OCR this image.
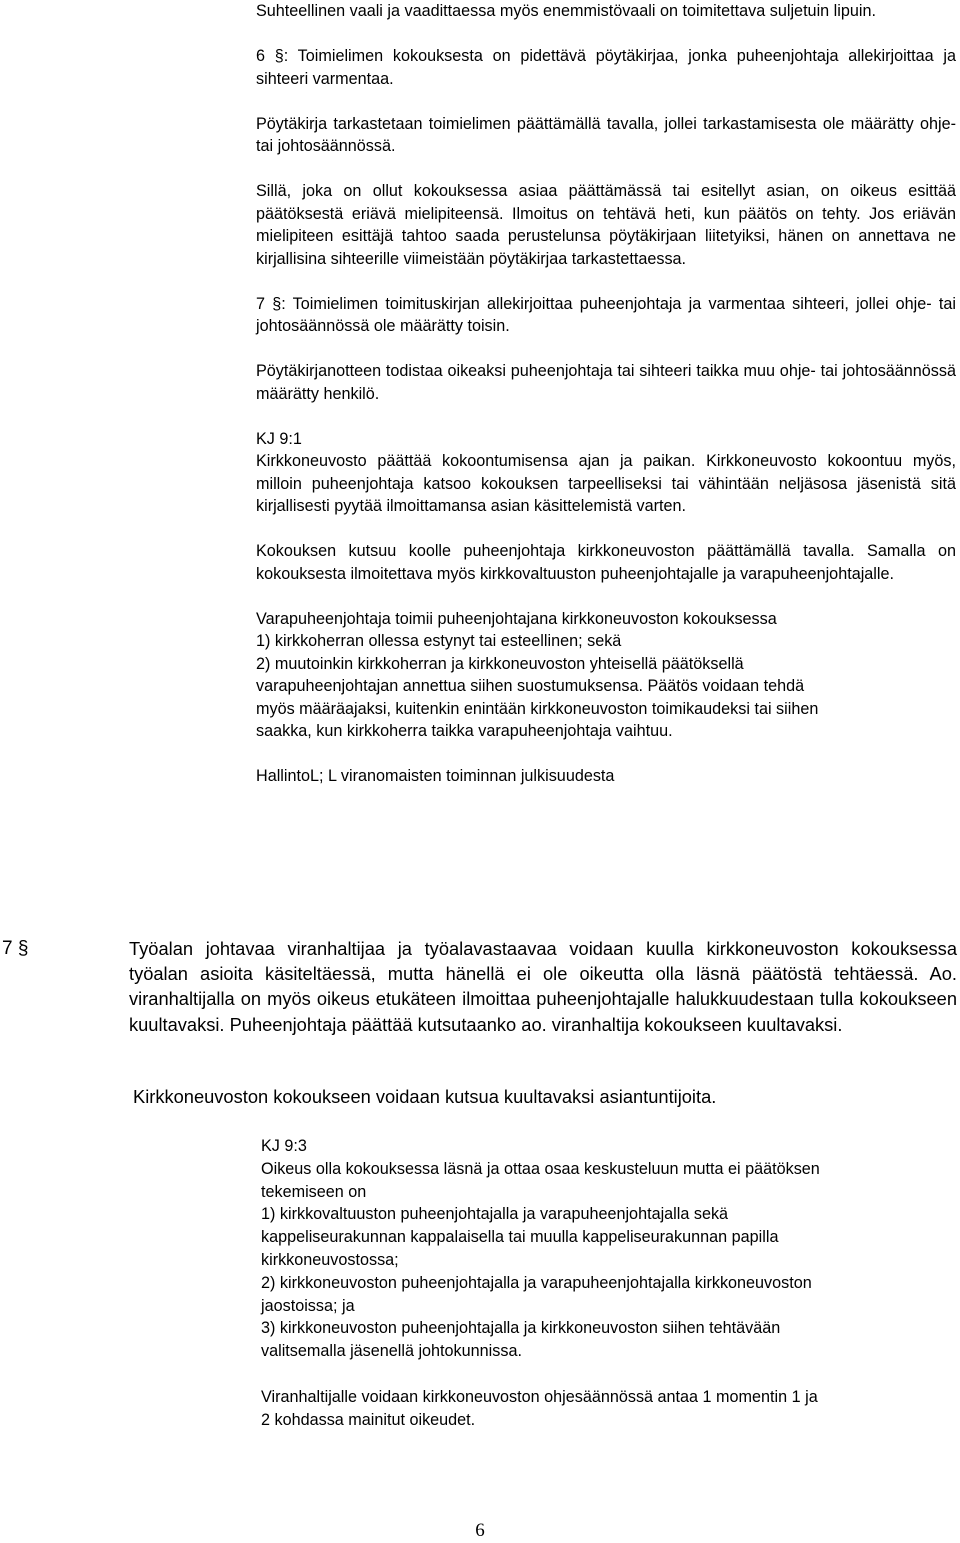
Suhteellinen vaali ja vaadittaessa myös enemmistövaali on toimitettava suljetuin lipuin.

6 §: Toimielimen kokouksesta on pidettävä pöytäkirjaa, jonka puheenjohtaja allekirjoittaa ja sihteeri varmentaa.

Pöytäkirja tarkastetaan toimielimen päättämällä tavalla, jollei tarkastamisesta ole määrätty ohje- tai johtosäännössä.

Sillä, joka on ollut kokouksessa asiaa päättämässä tai esitellyt asian, on oikeus esittää päätöksestä eriävä mielipiteensä. Ilmoitus on tehtävä heti, kun päätös on tehty. Jos eriävän mielipiteen esittäjä tahtoo saada perustelunsa pöytäkirjaan liitetyiksi, hänen on annettava ne kirjallisina sihteerille viimeistään pöytäkirjaa tarkastettaessa.

7 §: Toimielimen toimituskirjan allekirjoittaa puheenjohtaja ja varmentaa sihteeri, jollei ohje- tai johtosäännössä ole määrätty toisin.

Pöytäkirjanotteen todistaa oikeaksi puheenjohtaja tai sihteeri taikka muu ohje- tai johtosäännössä määrätty henkilö.

KJ 9:1
Kirkkoneuvosto päättää kokoontumisensa ajan ja paikan. Kirkkoneuvosto kokoontuu myös, milloin puheenjohtaja katsoo kokouksen tarpeelliseksi tai vähintään neljäsosa jäsenistä sitä kirjallisesti pyytää ilmoittamansa asian käsittelemistä varten.

Kokouksen kutsuu koolle puheenjohtaja kirkkoneuvoston päättämällä tavalla. Samalla on kokouksesta ilmoitettava myös kirkkovaltuuston puheenjohtajalle ja varapuheenjohtajalle.

Varapuheenjohtaja toimii puheenjohtajana kirkkoneuvoston kokouksessa
1) kirkkoherran ollessa estynyt tai esteellinen; sekä
2) muutoinkin kirkkoherran ja kirkkoneuvoston yhteisellä päätöksellä
varapuheenjohtajan annettua siihen suostumuksensa. Päätös voidaan tehdä
myös määräajaksi, kuitenkin enintään kirkkoneuvoston toimikaudeksi tai siihen
saakka, kun kirkkoherra taikka varapuheenjohtaja vaihtuu.

HallintoL; L viranomaisten toiminnan julkisuudesta

7 §	Työalan johtavaa viranhaltijaa ja työalavastaavaa voidaan kuulla kirkkoneuvoston kokouksessa työalan asioita käsiteltäessä, mutta hänellä ei ole oikeutta olla läsnä päätöstä tehtäessä. Ao. viranhaltijalla on myös oikeus etukäteen ilmoittaa puheenjohtajalle halukkuudestaan tulla kokoukseen kuultavaksi. Puheenjohtaja päättää kutsutaanko ao. viranhaltija kokoukseen kuultavaksi.

Kirkkoneuvoston kokoukseen voidaan kutsua kuultavaksi asiantuntijoita.

KJ 9:3
Oikeus olla kokouksessa läsnä ja ottaa osaa keskusteluun mutta ei päätöksen
tekemiseen on
1) kirkkovaltuuston puheenjohtajalla ja varapuheenjohtajalla sekä
kappeliseurakunnan kappalaisella tai muulla kappeliseurakunnan papilla
kirkkoneuvostossa;
2) kirkkoneuvoston puheenjohtajalla ja varapuheenjohtajalla kirkkoneuvoston
jaostoissa; ja
3) kirkkoneuvoston puheenjohtajalla ja kirkkoneuvoston siihen tehtävään
valitsemalla jäsenellä johtokunnissa.

Viranhaltijalle voidaan kirkkoneuvoston ohjesäännössä antaa 1 momentin 1 ja
2 kohdassa mainitut oikeudet.

6
